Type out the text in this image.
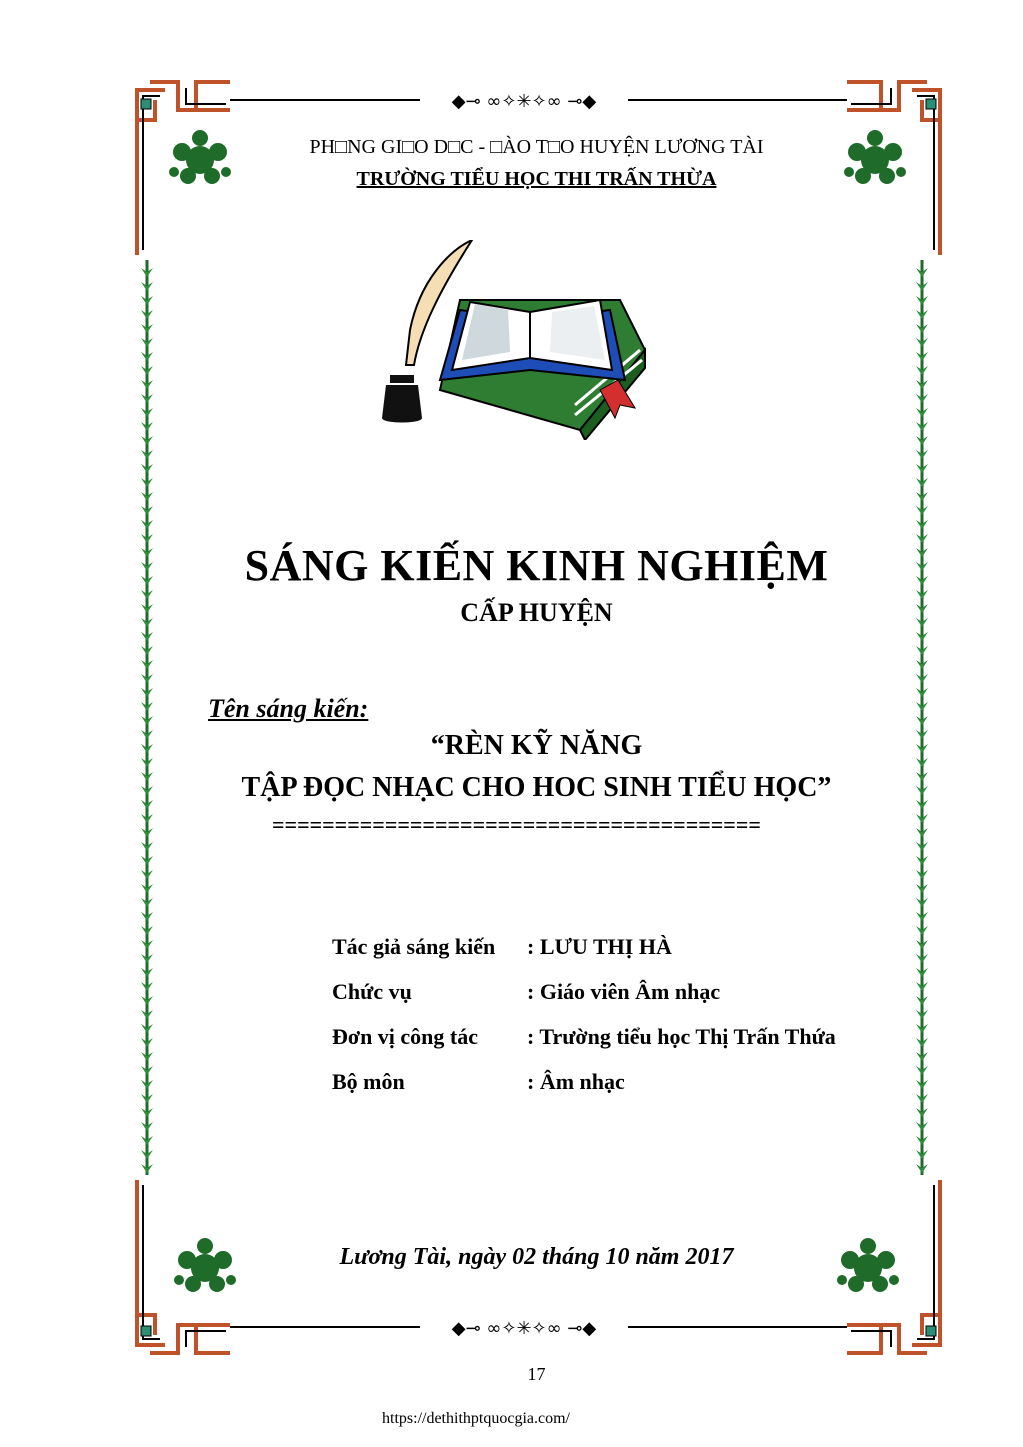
◆⊸ ∞✧✳✧∞ ⊸◆
◆⊸ ∞✧✳✧∞ ⊸◆
PH□NG GI□O D□C - □ÀO T□O HUYỆN LƯƠNG TÀI
TRƯỜNG TIỂU HỌC THI TRẤN THỪA
SÁNG KIẾN KINH NGHIỆM
CẤP HUYỆN
Tên sáng kiến:
“RÈN KỸ NĂNG
TẬP ĐỌC NHẠC CHO HOC SINH TIỂU HỌC”
=======================================
Tác giả sáng kiến : LƯU THỊ HÀ
Chức vụ	: Giáo viên Âm nhạc
Đơn vị công tác : Trường tiểu học Thị Trấn Thứa
Bộ môn	: Âm nhạc
Lương Tài, ngày 02 tháng 10 năm 2017
17
https://dethithptquocgia.com/
